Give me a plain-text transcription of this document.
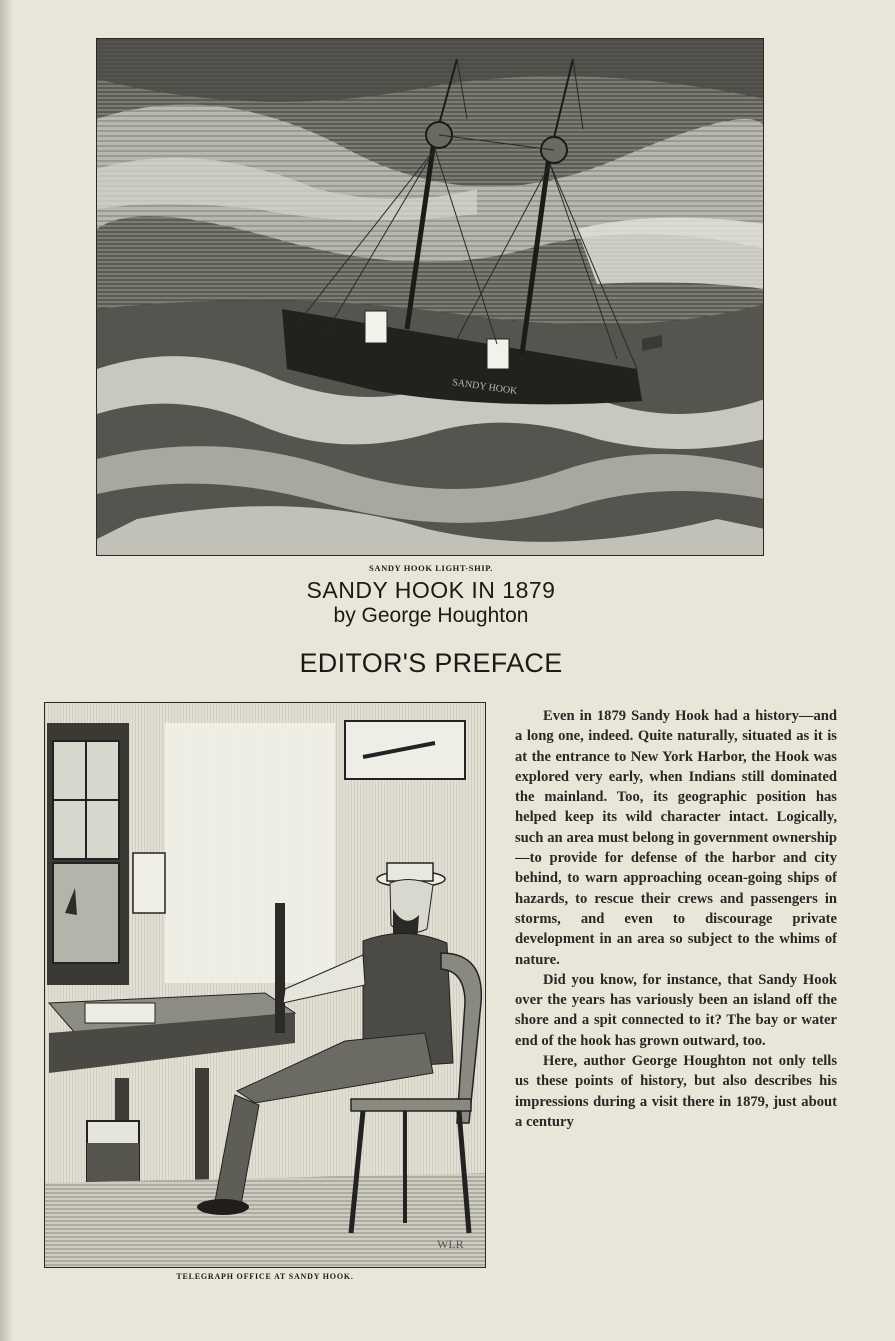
SANDY HOOK
SANDY HOOK LIGHT-SHIP.
SANDY HOOK IN 1879
by George Houghton
EDITOR'S PREFACE
WLR
TELEGRAPH OFFICE AT SANDY HOOK.

Even in 1879 Sandy Hook had a history—and a long one, indeed. Quite naturally, situated as it is at the entrance to New York Harbor, the Hook was explored very early, when Indians still dominated the mainland. Too, its geographic position has helped keep its wild character intact. Logically, such an area must belong in government ownership—to provide for defense of the harbor and city behind, to warn approaching ocean-going ships of hazards, to rescue their crews and passengers in storms, and even to discourage private development in an area so subject to the whims of nature.

Did you know, for instance, that Sandy Hook over the years has variously been an island off the shore and a spit connected to it? The bay or water end of the hook has grown outward, too.

Here, author George Houghton not only tells us these points of history, but also describes his impressions during a visit there in 1879, just about a century
